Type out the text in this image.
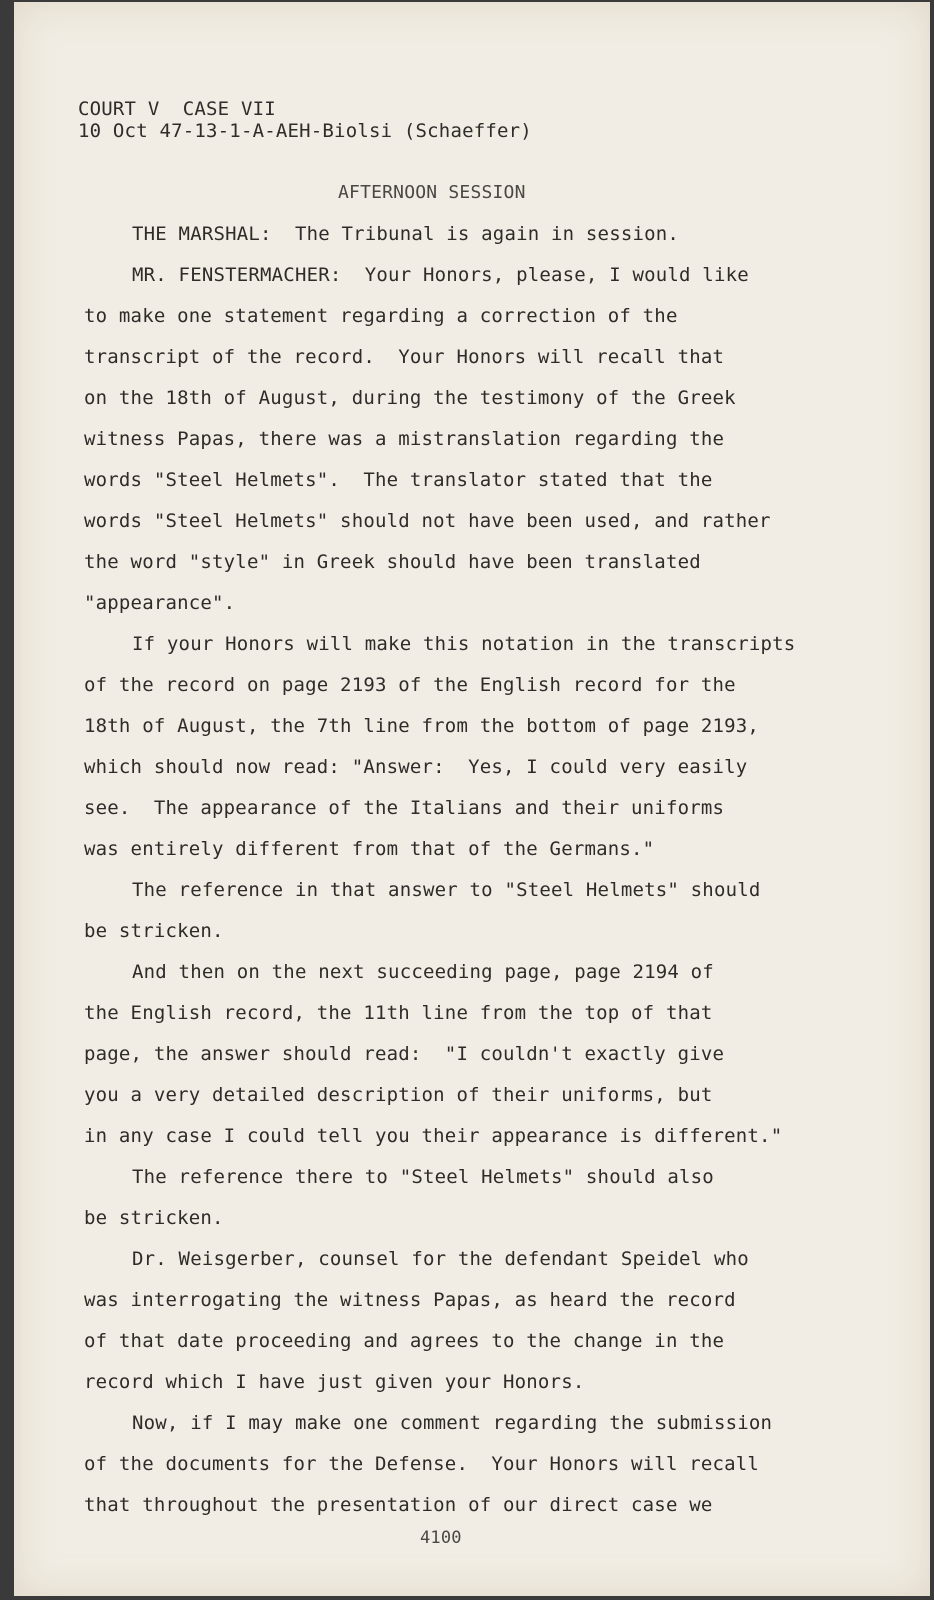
COURT V  CASE VII
10 Oct 47-13-1-A-AEH-Biolsi (Schaeffer)
AFTERNOON SESSION
THE MARSHAL:  The Tribunal is again in session.
MR. FENSTERMACHER:  Your Honors, please, I would like
to make one statement regarding a correction of the
transcript of the record.  Your Honors will recall that
on the 18th of August, during the testimony of the Greek
witness Papas, there was a mistranslation regarding the
words "Steel Helmets".  The translator stated that the
words "Steel Helmets" should not have been used, and rather
the word "style" in Greek should have been translated
"appearance".
If your Honors will make this notation in the transcripts
of the record on page 2193 of the English record for the
18th of August, the 7th line from the bottom of page 2193,
which should now read: "Answer:  Yes, I could very easily
see.  The appearance of the Italians and their uniforms
was entirely different from that of the Germans."
The reference in that answer to "Steel Helmets" should
be stricken.
And then on the next succeeding page, page 2194 of
the English record, the 11th line from the top of that
page, the answer should read:  "I couldn't exactly give
you a very detailed description of their uniforms, but
in any case I could tell you their appearance is different."
The reference there to "Steel Helmets" should also
be stricken.
Dr. Weisgerber, counsel for the defendant Speidel who
was interrogating the witness Papas, as heard the record
of that date proceeding and agrees to the change in the
record which I have just given your Honors.
Now, if I may make one comment regarding the submission
of the documents for the Defense.  Your Honors will recall
that throughout the presentation of our direct case we
4100
